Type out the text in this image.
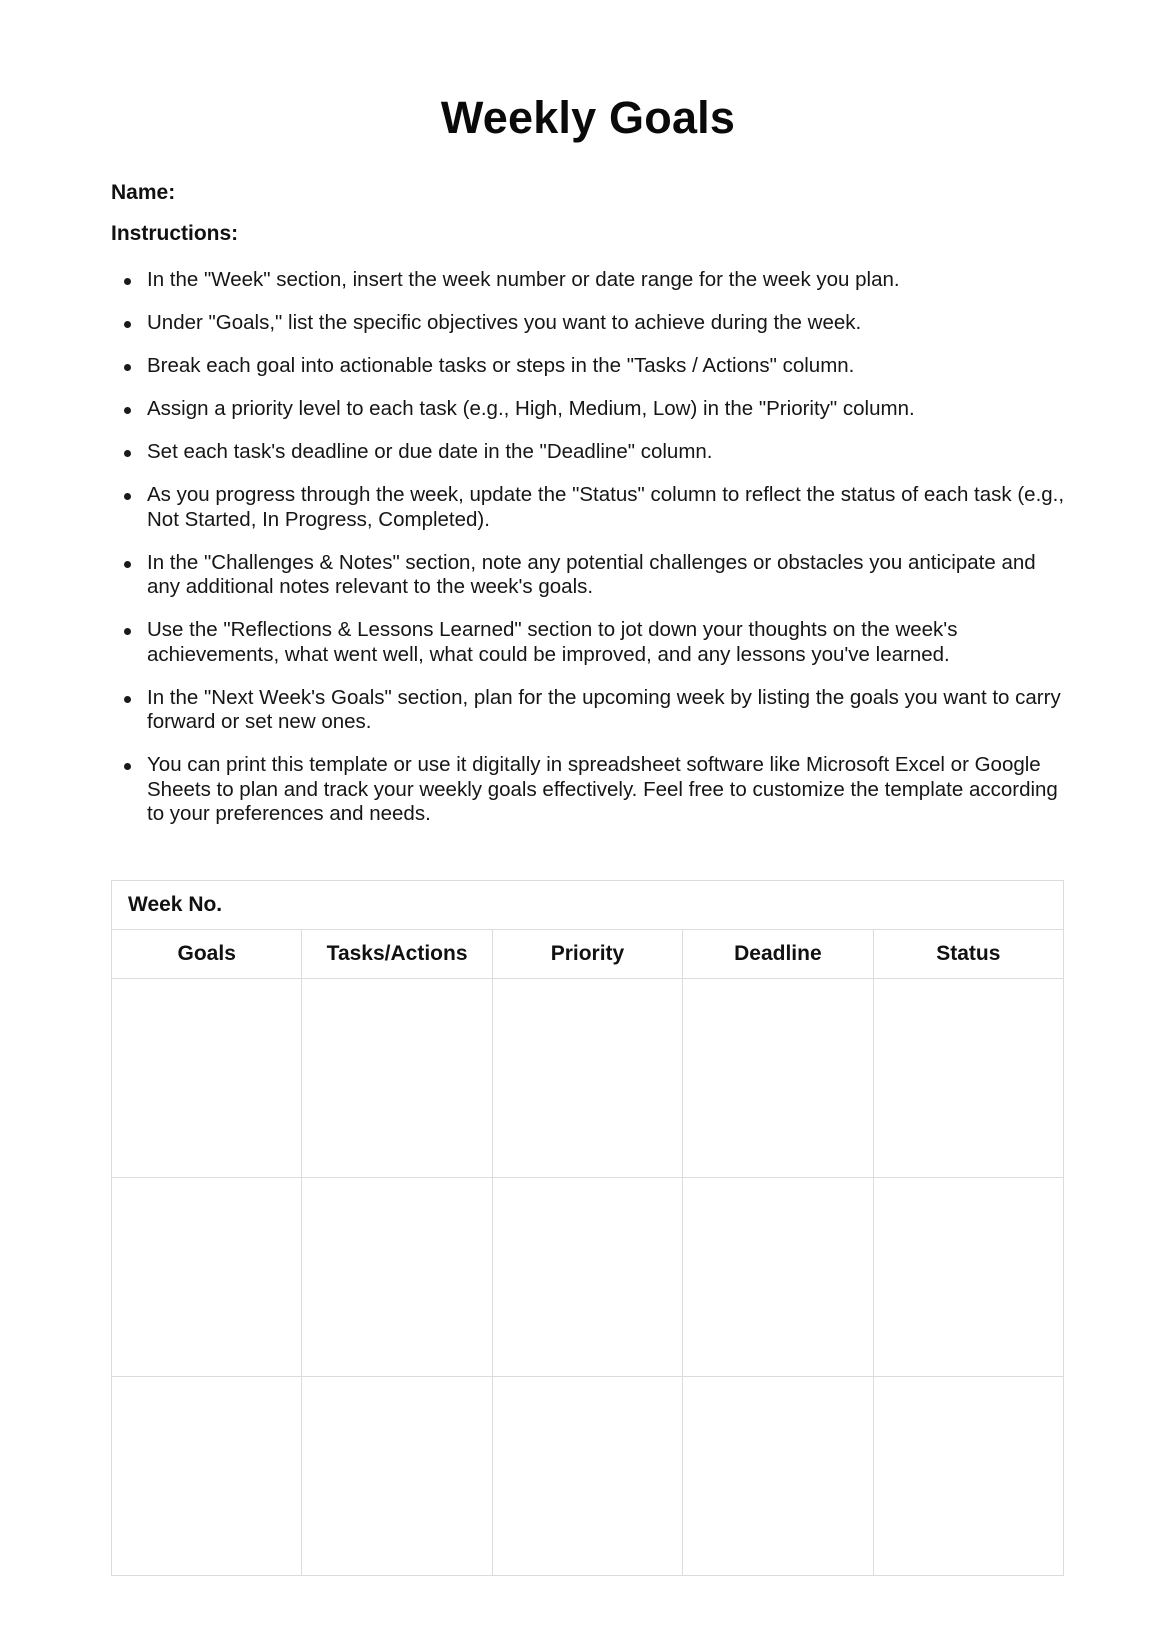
Weekly Goals

Name:

Instructions:

In the "Week" section, insert the week number or date range for the week you plan.
Under "Goals," list the specific objectives you want to achieve during the week.
Break each goal into actionable tasks or steps in the "Tasks / Actions" column.
Assign a priority level to each task (e.g., High, Medium, Low) in the "Priority" column.
Set each task's deadline or due date in the "Deadline" column.
As you progress through the week, update the "Status" column to reflect the status of each task (e.g., Not Started, In Progress, Completed).
In the "Challenges & Notes" section, note any potential challenges or obstacles you anticipate and any additional notes relevant to the week's goals.
Use the "Reflections & Lessons Learned" section to jot down your thoughts on the week's achievements, what went well, what could be improved, and any lessons you've learned.
In the "Next Week's Goals" section, plan for the upcoming week by listing the goals you want to carry forward or set new ones.
You can print this template or use it digitally in spreadsheet software like Microsoft Excel or Google Sheets to plan and track your weekly goals effectively. Feel free to customize the template according to your preferences and needs.
Week No.				
Goals	Tasks/Actions	Priority	Deadline	Status
